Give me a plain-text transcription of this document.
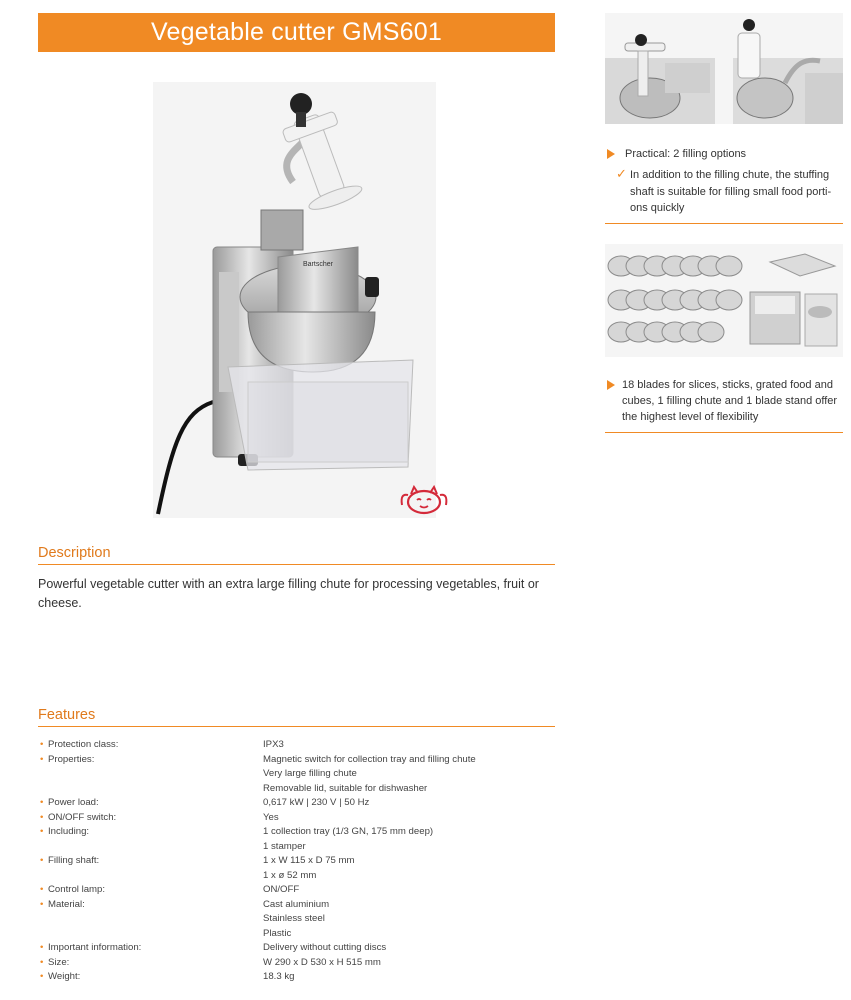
Vegetable cutter GMS601
Bartscher
Description
Powerful vegetable cutter with an extra large filling chute for processing vegetables, fruit or cheese.
Features
• Protection class:	IPX3
• Properties:	Magnetic switch for collection tray and filling chute
Very large filling chute
Removable lid, suitable for dishwasher
• Power load:	0,617 kW | 230 V | 50 Hz
• ON/OFF switch:	Yes
• Including:	1 collection tray (1/3 GN, 175 mm deep)
1 stamper
• Filling shaft:	1 x W 115 x D 75 mm
1 x ø 52 mm
• Control lamp:	ON/OFF
• Material:	Cast aluminium
Stainless steel
Plastic
• Important information:	Delivery without cutting discs
• Size:	W 290 x D 530 x H 515 mm
• Weight:	18.3 kg
Practical: 2 filling options
✓ In addition to the filling chute, the stuffing
shaft is suitable for filling small food porti-
ons quickly
18 blades for slices, sticks, grated food and
cubes, 1 filling chute and 1 blade stand offer
the highest level of flexibility
